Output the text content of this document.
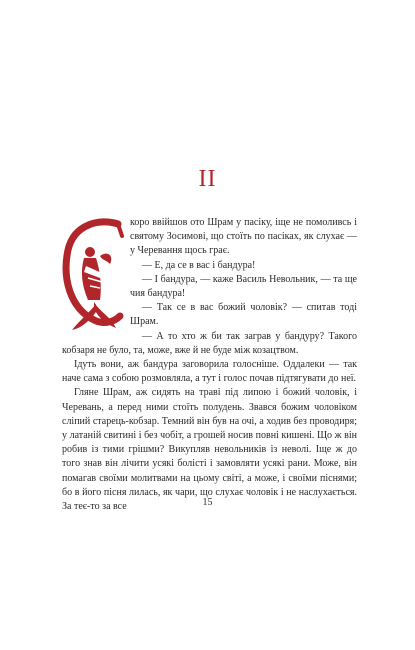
II

коро ввійшов ото Шрам у пасіку, іще не помоливсь і святому Зосимові, що стоїть по пасіках, як слухає — у Черевання щось грає.

— Е, да се в вас і бандура!

— І бандура, — каже Василь Невольник, — та ще чия бандура!

— Так се в вас божий чоловік? — спитав тоді Шрам.

— А то хто ж би так заграв у бандуру? Такого кобзаря не було, та, може, вже й не буде між козацтвом.

Ідуть вони, аж бандура заговорила голосніше. Оддалеки — так наче сама з собою розмовляла, а тут і голос почав підтягувати до неї.

Гляне Шрам, аж сидять на траві під липою і божий чоловік, і Черевань, а перед ними стоїть полудень. Звався божим чоловіком сліпий старець-кобзар. Темний він був на очі, а ходив без проводиря; у латаній свитині і без чобіт, а грошей носив повні кишені. Що ж він робив із тими грішми? Викупляв невольників із неволі. Іще ж до того знав він лічити усякі болісті і замовляти усякі рани. Може, він помагав своїми молитвами на цьому світі, а може, і своїми піснями; бо в його пісня лилась, як чари, що слухає чоловік і не наслухається. За теє-то за все	15
